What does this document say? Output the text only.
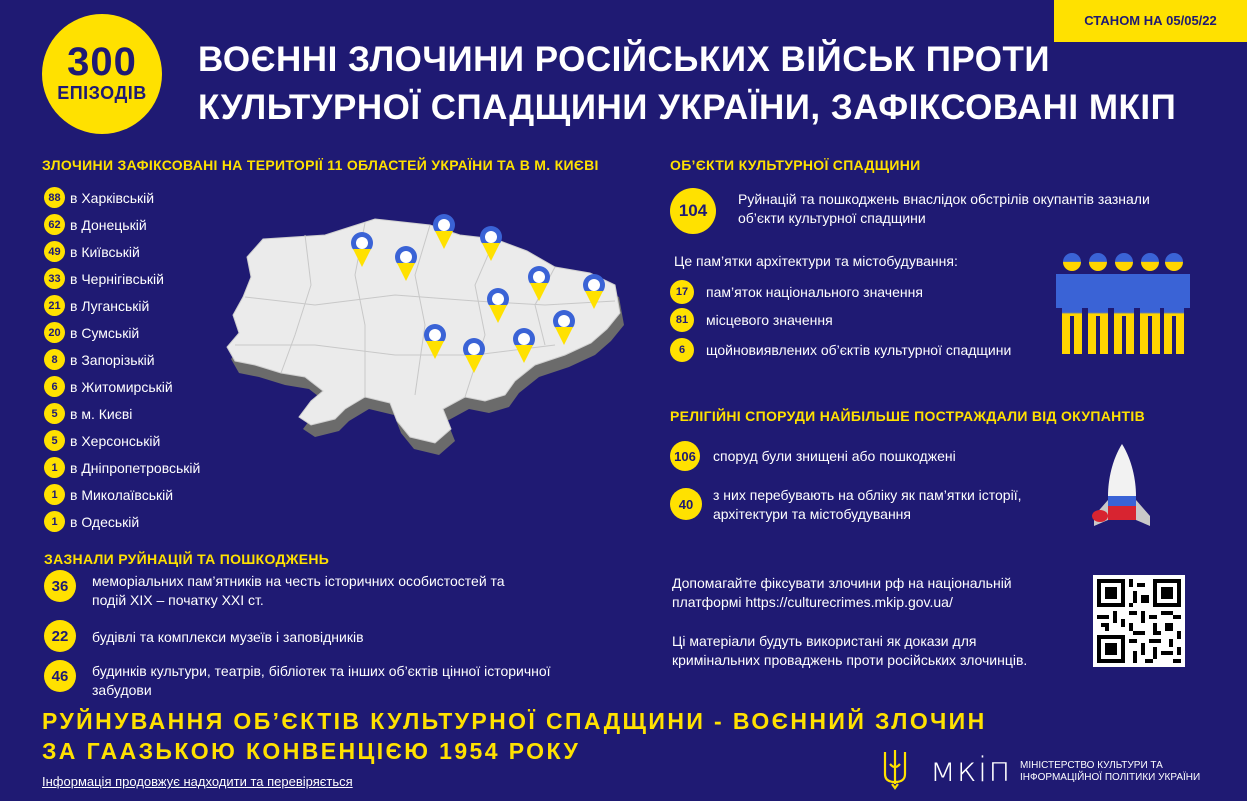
300
ЕПІЗОДІВ
ВОЄННІ ЗЛОЧИНИ РОСІЙСЬКИХ ВІЙСЬК ПРОТИ
КУЛЬТУРНОЇ СПАДЩИНИ УКРАЇНИ, ЗАФІКСОВАНІ МКІП
СТАНОМ НА 05/05/22
ЗЛОЧИНИ ЗАФІКСОВАНІ НА ТЕРИТОРІЇ 11 ОБЛАСТЕЙ УКРАЇНИ ТА В М. КИЄВІ
88 в Харківській
62 в Донецькій
49 в Київській
33 в Чернігівській
21 в Луганській
20 в Сумській
8 в Запорізькій
6 в Житомирській
5 в м. Києві
5 в Херсонській
1 в Дніпропетровській
1 в Миколаївській
1 в Одеській
ЗАЗНАЛИ РУЙНАЦІЙ ТА ПОШКОДЖЕНЬ
36	меморіальних пам’ятників на честь історичних особистостей та подій XIX – початку XXI ст.
22	будівлі та комплекси музеїв і заповідників
46	будинків культури, театрів, бібліотек та інших об’єктів цінної історичної забудови
ОБ’ЄКТИ КУЛЬТУРНОЇ СПАДЩИНИ
104
Руйнацій та пошкоджень внаслідок обстрілів окупантів зазнали об’єкти культурної спадщини
Це пам’ятки архітектури та містобудування:
17	пам’яток національного значення
81	місцевого значення
6	щойновиявлених об’єктів культурної спадщини
РЕЛІГІЙНІ СПОРУДИ НАЙБІЛЬШЕ ПОСТРАЖДАЛИ ВІД ОКУПАНТІВ
106 споруд були знищені або пошкоджені
40
з них перебувають на обліку як пам’ятки історії, архітектури та містобудування
Допомагайте фіксувати злочини рф на національній платформі https://culturecrimes.mkip.gov.ua/
Ці матеріали будуть використані як докази для кримінальних проваджень проти російських злочинців.
РУЙНУВАННЯ ОБ’ЄКТІВ КУЛЬТУРНОЇ СПАДЩИНИ - ВОЄННИЙ ЗЛОЧИН
ЗА ГААЗЬКОЮ КОНВЕНЦІЄЮ 1954 РОКУ
Інформація продовжує надходити та перевіряється	мкіп МІНІСТЕРСТВО КУЛЬТУРИ ТА
ІНФОРМАЦІЙНОЇ ПОЛІТИКИ УКРАЇНИ
